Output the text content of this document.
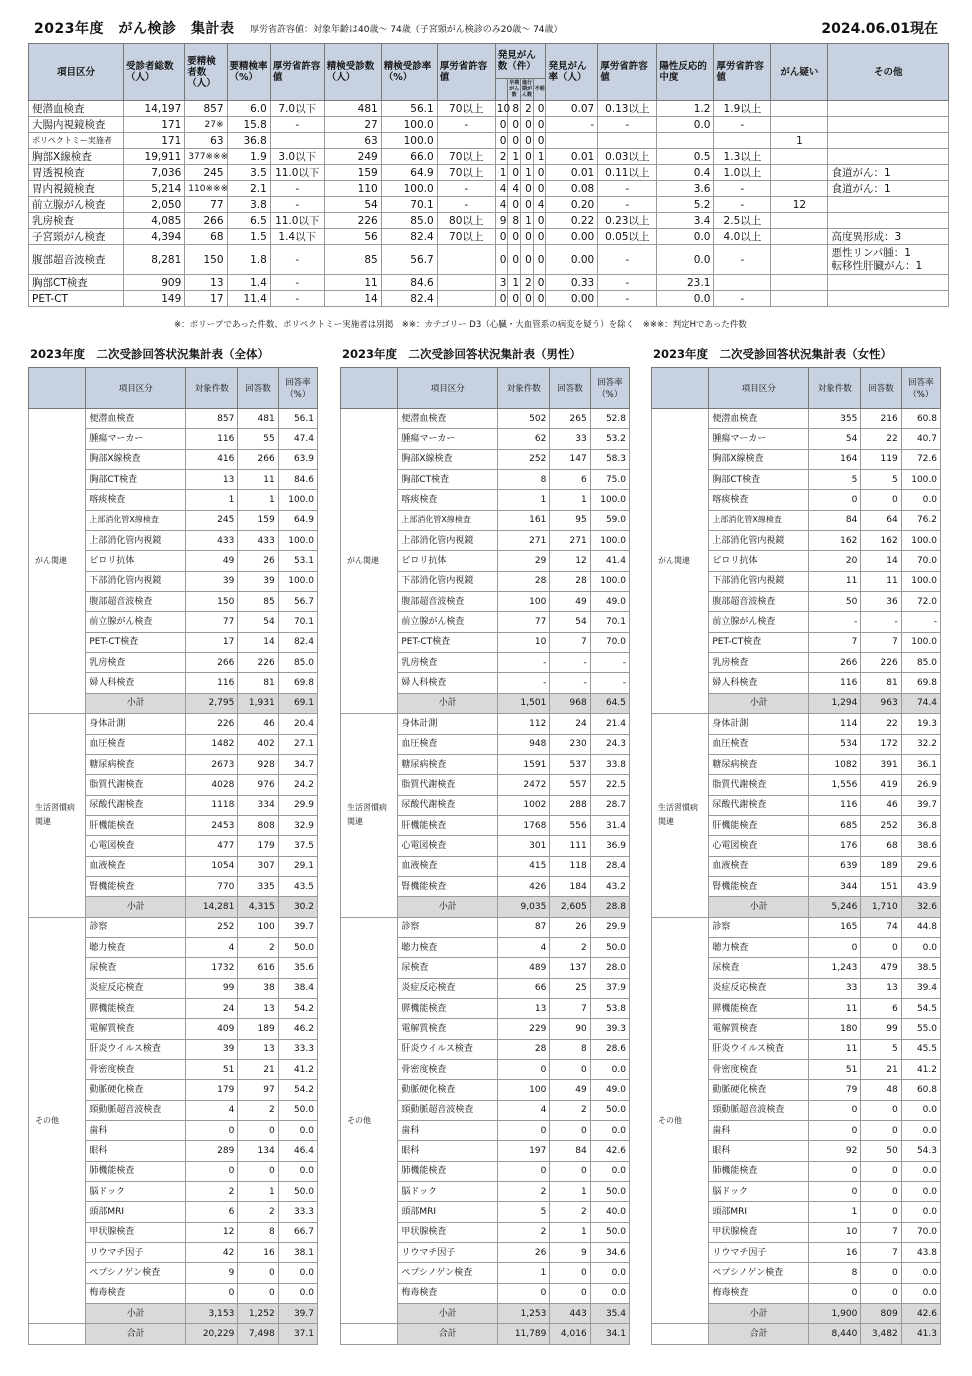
2023年度　がん検診　集計表 厚労省許容値：対象年齢は40歳～ 74歳（子宮頸がん検診のみ20歳～ 74歳）	2024.06.01現在
項目区分	受診者総数（人）	要精検者数（人）	要精検率（%）	厚労省許容値	精検受診数（人）	精検受診率（%）	厚労省許容値	発見がん数（件）				発見がん率（人）	厚労省許容値	陽性反応的中度	厚労省許容値	がん疑い	その他

									早期がん数	進行期がん数	不明						
便潜血検査	14,197	857	6.0	7.0以下	481	56.1	70以上	10	8	2	0	0.07	0.13以上	1.2	1.9以上		
大腸内視鏡検査	171	27※	15.8	-	27	100.0	-	0	0	0	0	-	-	0.0	-		
ポリペクトミー実施者	171	63	36.8		63	100.0		0	0	0	0					1	
胸部X線検査	19,911	377※※※	1.9	3.0以下	249	66.0	70以上	2	1	0	1	0.01	0.03以上	0.5	1.3以上		
胃透視検査	7,036	245	3.5	11.0以下	159	64.9	70以上	1	0	1	0	0.01	0.11以上	0.4	1.0以上		食道がん：1
胃内視鏡検査	5,214	110※※※	2.1	-	110	100.0	-	4	4	0	0	0.08	-	3.6	-		食道がん：1
前立腺がん検査	2,050	77	3.8	-	54	70.1	-	4	0	0	4	0.20	-	5.2	-	12	
乳房検査	4,085	266	6.5	11.0以下	226	85.0	80以上	9	8	1	0	0.22	0.23以上	3.4	2.5以上		
子宮頸がん検査	4,394	68	1.5	1.4以下	56	82.4	70以上	0	0	0	0	0.00	0.05以上	0.0	4.0以上		高度異形成：3
腹部超音波検査	8,281	150	1.8	-	85	56.7		0	0	0	0	0.00	-	0.0	-		悪性リンパ腫：1
転移性肝臓がん：1

胸部CT検査	909	13	1.4	-	11	84.6		3	1	2	0	0.33	-	23.1			
PET-CT	149	17	11.4	-	14	82.4		0	0	0	0	0.00	-	0.0	-		
※：ポリープであった件数、ポリペクトミー実施者は別掲　※※：カテゴリー D3（心臓・大血管系の病変を疑う）を除く　※※※：判定Hであった件数
2023年度　二次受診回答状況集計表（全体）	2023年度　二次受診回答状況集計表（男性）	2023年度　二次受診回答状況集計表（女性）
	項目区分	対象件数	回答数	回答率（%）
がん関連	便潜血検査	857	481	56.1
	腫瘍マーカー	116	55	47.4
	胸部X線検査	416	266	63.9
	胸部CT検査	13	11	84.6
	喀痰検査	1	1	100.0
	上部消化管X線検査	245	159	64.9
	上部消化管内視鏡	433	433	100.0
	ピロリ抗体	49	26	53.1
	下部消化管内視鏡	39	39	100.0
	腹部超音波検査	150	85	56.7
	前立腺がん検査	77	54	70.1
	PET-CT検査	17	14	82.4
	乳房検査	266	226	85.0
	婦人科検査	116	81	69.8
	小計	2,795	1,931	69.1
生活習慣病関連	身体計測	226	46	20.4
	血圧検査	1482	402	27.1
	糖尿病検査	2673	928	34.7
	脂質代謝検査	4028	976	24.2
	尿酸代謝検査	1118	334	29.9
	肝機能検査	2453	808	32.9
	心電図検査	477	179	37.5
	血液検査	1054	307	29.1
	腎機能検査	770	335	43.5
	小計	14,281	4,315	30.2
その他	診察	252	100	39.7
	聴力検査	4	2	50.0
	尿検査	1732	616	35.6
	炎症反応検査	99	38	38.4
	膵機能検査	24	13	54.2
	電解質検査	409	189	46.2
	肝炎ウイルス検査	39	13	33.3
	骨密度検査	51	21	41.2
	動脈硬化検査	179	97	54.2
	頸動脈超音波検査	4	2	50.0
	歯科	0	0	0.0
	眼科	289	134	46.4
	肺機能検査	0	0	0.0
	脳ドック	2	1	50.0
	頭部MRI	6	2	33.3
	甲状腺検査	12	8	66.7
	リウマチ因子	42	16	38.1
	ペプシノゲン検査	9	0	0.0
	梅毒検査	0	0	0.0
	小計	3,153	1,252	39.7
	合計	20,229	7,498	37.1
	項目区分	対象件数	回答数	回答率（%）
がん関連	便潜血検査	502	265	52.8
	腫瘍マーカー	62	33	53.2
	胸部X線検査	252	147	58.3
	胸部CT検査	8	6	75.0
	喀痰検査	1	1	100.0
	上部消化管X線検査	161	95	59.0
	上部消化管内視鏡	271	271	100.0
	ピロリ抗体	29	12	41.4
	下部消化管内視鏡	28	28	100.0
	腹部超音波検査	100	49	49.0
	前立腺がん検査	77	54	70.1
	PET-CT検査	10	7	70.0
	乳房検査	-	-	-
	婦人科検査	-	-	-
	小計	1,501	968	64.5
生活習慣病関連	身体計測	112	24	21.4
	血圧検査	948	230	24.3
	糖尿病検査	1591	537	33.8
	脂質代謝検査	2472	557	22.5
	尿酸代謝検査	1002	288	28.7
	肝機能検査	1768	556	31.4
	心電図検査	301	111	36.9
	血液検査	415	118	28.4
	腎機能検査	426	184	43.2
	小計	9,035	2,605	28.8
その他	診察	87	26	29.9
	聴力検査	4	2	50.0
	尿検査	489	137	28.0
	炎症反応検査	66	25	37.9
	膵機能検査	13	7	53.8
	電解質検査	229	90	39.3
	肝炎ウイルス検査	28	8	28.6
	骨密度検査	0	0	0.0
	動脈硬化検査	100	49	49.0
	頸動脈超音波検査	4	2	50.0
	歯科	0	0	0.0
	眼科	197	84	42.6
	肺機能検査	0	0	0.0
	脳ドック	2	1	50.0
	頭部MRI	5	2	40.0
	甲状腺検査	2	1	50.0
	リウマチ因子	26	9	34.6
	ペプシノゲン検査	1	0	0.0
	梅毒検査	0	0	0.0
	小計	1,253	443	35.4
	合計	11,789	4,016	34.1
	項目区分	対象件数	回答数	回答率（%）
がん関連	便潜血検査	355	216	60.8
	腫瘍マーカー	54	22	40.7
	胸部X線検査	164	119	72.6
	胸部CT検査	5	5	100.0
	喀痰検査	0	0	0.0
	上部消化管X線検査	84	64	76.2
	上部消化管内視鏡	162	162	100.0
	ピロリ抗体	20	14	70.0
	下部消化管内視鏡	11	11	100.0
	腹部超音波検査	50	36	72.0
	前立腺がん検査	-	-	-
	PET-CT検査	7	7	100.0
	乳房検査	266	226	85.0
	婦人科検査	116	81	69.8
	小計	1,294	963	74.4
生活習慣病関連	身体計測	114	22	19.3
	血圧検査	534	172	32.2
	糖尿病検査	1082	391	36.1
	脂質代謝検査	1,556	419	26.9
	尿酸代謝検査	116	46	39.7
	肝機能検査	685	252	36.8
	心電図検査	176	68	38.6
	血液検査	639	189	29.6
	腎機能検査	344	151	43.9
	小計	5,246	1,710	32.6
その他	診察	165	74	44.8
	聴力検査	0	0	0.0
	尿検査	1,243	479	38.5
	炎症反応検査	33	13	39.4
	膵機能検査	11	6	54.5
	電解質検査	180	99	55.0
	肝炎ウイルス検査	11	5	45.5
	骨密度検査	51	21	41.2
	動脈硬化検査	79	48	60.8
	頸動脈超音波検査	0	0	0.0
	歯科	0	0	0.0
	眼科	92	50	54.3
	肺機能検査	0	0	0.0
	脳ドック	0	0	0.0
	頭部MRI	1	0	0.0
	甲状腺検査	10	7	70.0
	リウマチ因子	16	7	43.8
	ペプシノゲン検査	8	0	0.0
	梅毒検査	0	0	0.0
	小計	1,900	809	42.6
	合計	8,440	3,482	41.3
